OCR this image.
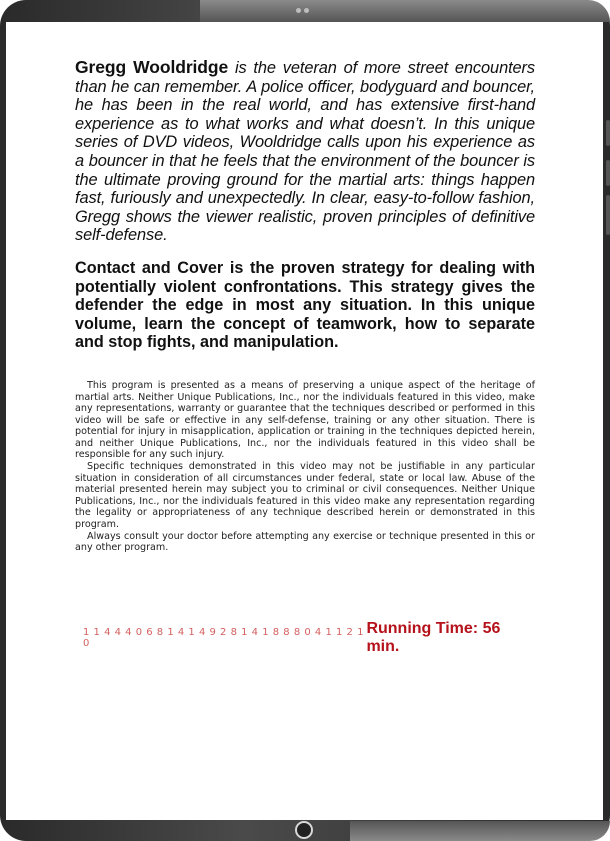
Gregg Wooldridge is the veteran of more street encounters than he can remember. A police officer, bodyguard and bouncer, he has been in the real world, and has extensive first-hand experience as to what works and what doesn’t. In this unique series of DVD videos, Wooldridge calls upon his experience as a bouncer in that he feels that the environment of the bouncer is the ultimate proving ground for the martial arts: things happen fast, furiously and unexpectedly. In clear, easy-to-follow fashion, Gregg shows the viewer realistic, proven principles of definitive self-defense.

Contact and Cover is the proven strategy for dealing with potentially violent confrontations. This strategy gives the defender the edge in most any situation. In this unique volume, learn the concept of teamwork, how to separate and stop fights, and manipulation.

This program is presented as a means of preserving a unique aspect of the heritage of martial arts. Neither Unique Publications, Inc., nor the individuals featured in this video, make any representations, warranty or guarantee that the techniques described or performed in this video will be safe or effective in any self-defense, training or any other situation. There is potential for injury in misapplication, application or training in the techniques depicted herein, and neither Unique Publications, Inc., nor the individuals featured in this video shall be responsible for any such injury.

Specific techniques demonstrated in this video may not be justifiable in any particular situation in consideration of all circumstances under federal, state or local law. Abuse of the material presented herein may subject you to criminal or civil consequences. Neither Unique Publications, Inc., nor the individuals featured in this video make any representation regarding the legality or appropriateness of any technique described herein or demonstrated in this program.

Always consult your doctor before attempting any exercise or technique presented in this or any other program.

1 1 4 4 4 0 6 8 1 4 1 4 9 2 8 1 4 1 8 8 8 0 4 1 1 2 1 0
Running Time: 56 min.
